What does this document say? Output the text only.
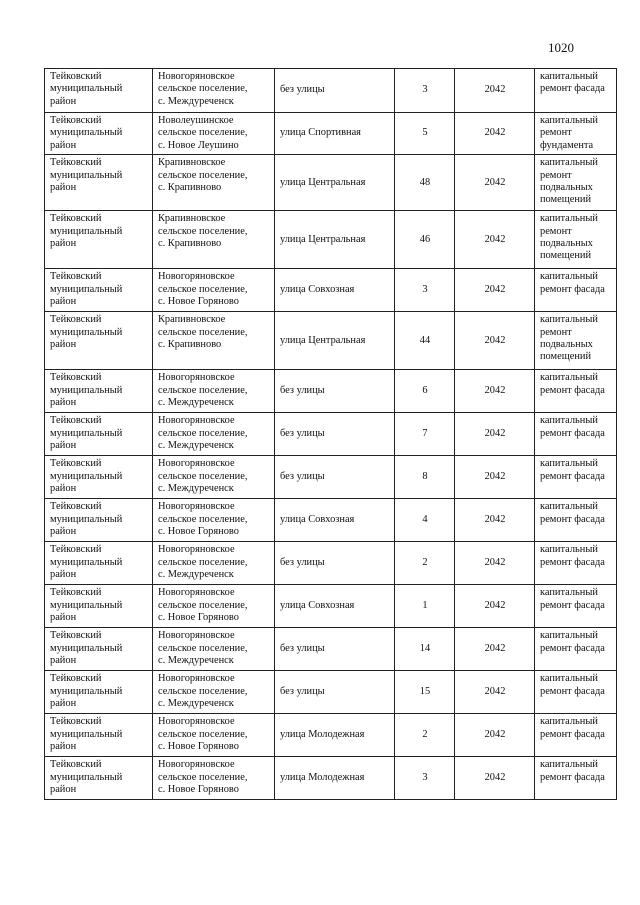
1020
Тейковский
муниципальный
район	Новогоряновское
сельское поселение,
с. Междуреченск	без улицы	3	2042	капитальный
ремонт фасада
Тейковский
муниципальный
район	Новолеушинское
сельское поселение,
с. Новое Леушино	улица Спортивная	5	2042	капитальный
ремонт
фундамента
Тейковский
муниципальный
район	Крапивновское
сельское поселение,
с. Крапивново	улица Центральная	48	2042	капитальный
ремонт
подвальных
помещений
Тейковский
муниципальный
район	Крапивновское
сельское поселение,
с. Крапивново	улица Центральная	46	2042	капитальный
ремонт
подвальных
помещений
Тейковский
муниципальный
район	Новогоряновское
сельское поселение,
с. Новое Горяново	улица Совхозная	3	2042	капитальный
ремонт фасада
Тейковский
муниципальный
район	Крапивновское
сельское поселение,
с. Крапивново	улица Центральная	44	2042	капитальный
ремонт
подвальных
помещений
Тейковский
муниципальный
район	Новогоряновское
сельское поселение,
с. Междуреченск	без улицы	6	2042	капитальный
ремонт фасада
Тейковский
муниципальный
район	Новогоряновское
сельское поселение,
с. Междуреченск	без улицы	7	2042	капитальный
ремонт фасада
Тейковский
муниципальный
район	Новогоряновское
сельское поселение,
с. Междуреченск	без улицы	8	2042	капитальный
ремонт фасада
Тейковский
муниципальный
район	Новогоряновское
сельское поселение,
с. Новое Горяново	улица Совхозная	4	2042	капитальный
ремонт фасада
Тейковский
муниципальный
район	Новогоряновское
сельское поселение,
с. Междуреченск	без улицы	2	2042	капитальный
ремонт фасада
Тейковский
муниципальный
район	Новогоряновское
сельское поселение,
с. Новое Горяново	улица Совхозная	1	2042	капитальный
ремонт фасада
Тейковский
муниципальный
район	Новогоряновское
сельское поселение,
с. Междуреченск	без улицы	14	2042	капитальный
ремонт фасада
Тейковский
муниципальный
район	Новогоряновское
сельское поселение,
с. Междуреченск	без улицы	15	2042	капитальный
ремонт фасада
Тейковский
муниципальный
район	Новогоряновское
сельское поселение,
с. Новое Горяново	улица Молодежная	2	2042	капитальный
ремонт фасада
Тейковский
муниципальный
район	Новогоряновское
сельское поселение,
с. Новое Горяново	улица Молодежная	3	2042	капитальный
ремонт фасада
